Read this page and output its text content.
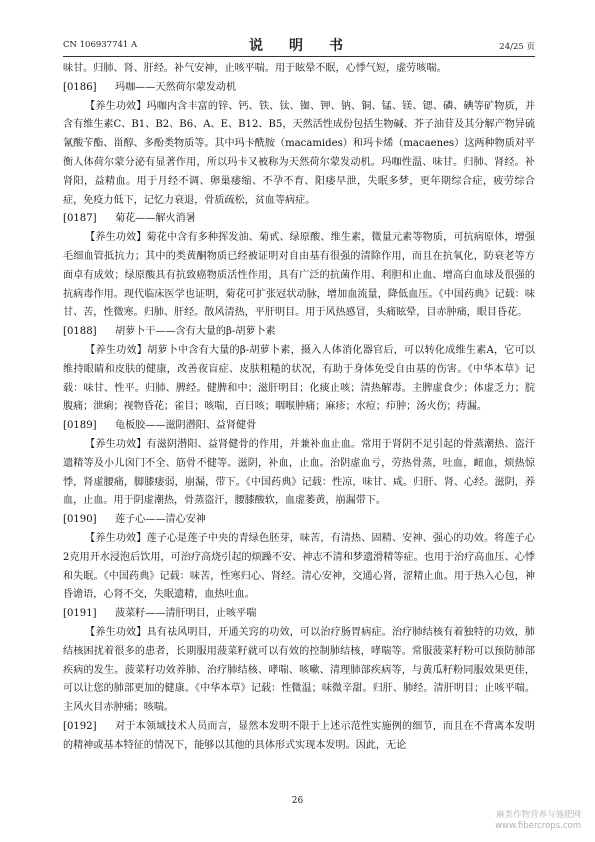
CN 106937741 A	说　明　书	24/25 页

味甘。归肺、肾、肝经。补气安神，止咳平喘。用于眩晕不眠，心悸气短，虚劳咳喘。

[0186] 玛咖——天然荷尔蒙发动机

【养生功效】玛咖内含丰富的锌、钙、铁、钛、铷、钾、钠、铜、锰、镁、锶、磷、碘等矿物质，并含有维生素C、B1、B2、B6、A、E、B12、B5，天然活性成份包括生物碱、芥子油苷及其分解产物异硫氰酸苄酯、甾醇、多酚类物质等。其中玛卡酰胺（macamides）和玛卡烯（macaenes）这两种物质对平衡人体荷尔蒙分泌有显著作用，所以玛卡又被称为天然荷尔蒙发动机。玛咖性温、味甘。归肺、肾经。补肾阳，益精血。用于月经不调、卵巢痿缩、不孕不育、阳痿早泄，失眠多梦，更年期综合症，疲劳综合症，免疫力低下，记忆力衰退，骨质疏松，贫血等病症。

[0187] 菊花——解火消暑

【养生功效】菊花中含有多种挥发油、菊甙、绿原酸、维生素，微量元素等物质，可抗病原体，增强毛细血管抵抗力；其中的类黄酮物质已经被证明对自由基有很强的清除作用，而且在抗氧化，防衰老等方面卓有成效；绿原酸具有抗致癌物质活性作用，具有广泛的抗菌作用、利胆和止血、增高白血球及很强的抗病毒作用。现代临床医学也证明，菊花可扩张冠状动脉，增加血流量，降低血压。《中国药典》记载：味甘、苦，性微寒。归肺、肝经。散风清热，平肝明目。用于风热感冒，头痛眩晕，目赤肿痛，眼目昏花。

[0188] 胡萝卜干——含有大量的β-胡萝卜素

【养生功效】胡萝卜中含有大量的β-胡萝卜素，摄入人体消化器官后，可以转化成维生素A，它可以维持眼睛和皮肤的健康，改善夜盲症、皮肤粗糙的状况，有助于身体免受自由基的伤害。《中华本草》记载：味甘、性平。归肺、脾经。健脾和中；滋肝明目；化痰止咳；清热解毒。主脾虚食少；体虚乏力；脘腹痛；泄痢；视物昏花；雀目；咳喘，百日咳；咽喉肿痛；麻疹；水痘；疖肿；汤火伤；痔漏。

[0189] 龟板胶——滋阴潜阳、益肾健骨

【养生功效】有滋阴潜阳、益肾健骨的作用，并兼补血止血。常用于肾阴不足引起的骨蒸潮热、盗汗遗精等及小儿囟门不全、筋骨不健等。滋阴，补血，止血。治阴虚血亏，劳热骨蒸，吐血，衄血，烦热惊悸，肾虚腰痛，脚膝痿弱，崩漏，带下。《中国药典》记载：性凉，味甘、咸。归肝、肾、心经。滋阴，养血，止血。用于阴虚潮热，骨蒸盗汗，腰膝酸软，血虚萎黄，崩漏带下。

[0190] 莲子心——清心安神

【养生功效】莲子心是莲子中央的青绿色胚芽，味苦，有清热、固精、安神、强心的功效。将莲子心2克用开水浸泡后饮用，可治疗高烧引起的烦躁不安、神志不清和梦遗滑精等症。也用于治疗高血压、心悸和失眠。《中国药典》记载：味苦，性寒归心、肾经。清心安神，交通心肾，涩精止血。用于热入心包，神昏谵语，心肾不交，失眠遗精，血热吐血。

[0191] 菠菜籽——清肝明目，止咳平喘

【养生功效】具有祛风明目，开通关窍的功效，可以治疗肠胃病症。治疗肺结核有着独特的功效，肺结核困扰着很多的患者，长期服用菠菜籽就可以有效的控制肺结核，哮喘等。常服菠菜籽粉可以预防肺部疾病的发生。菠菜籽功效养肺、治疗肺结核、哮喘、咳嗽、清理肺部疾病等，与黄瓜籽粉同服效果更佳，可以让您的肺部更加的健康。《中华本草》记载：性微温；味微辛甜。归肝、肺经。清肝明目；止咳平喘。主风火目赤肿痛；咳喘。

[0192] 对于本领域技术人员而言，显然本发明不限于上述示范性实施例的细节，而且在不背离本发明的精神或基本特征的情况下，能够以其他的具体形式实现本发明。因此，无论

26
麻类作物营养与施肥网
www.fibercrops.com
